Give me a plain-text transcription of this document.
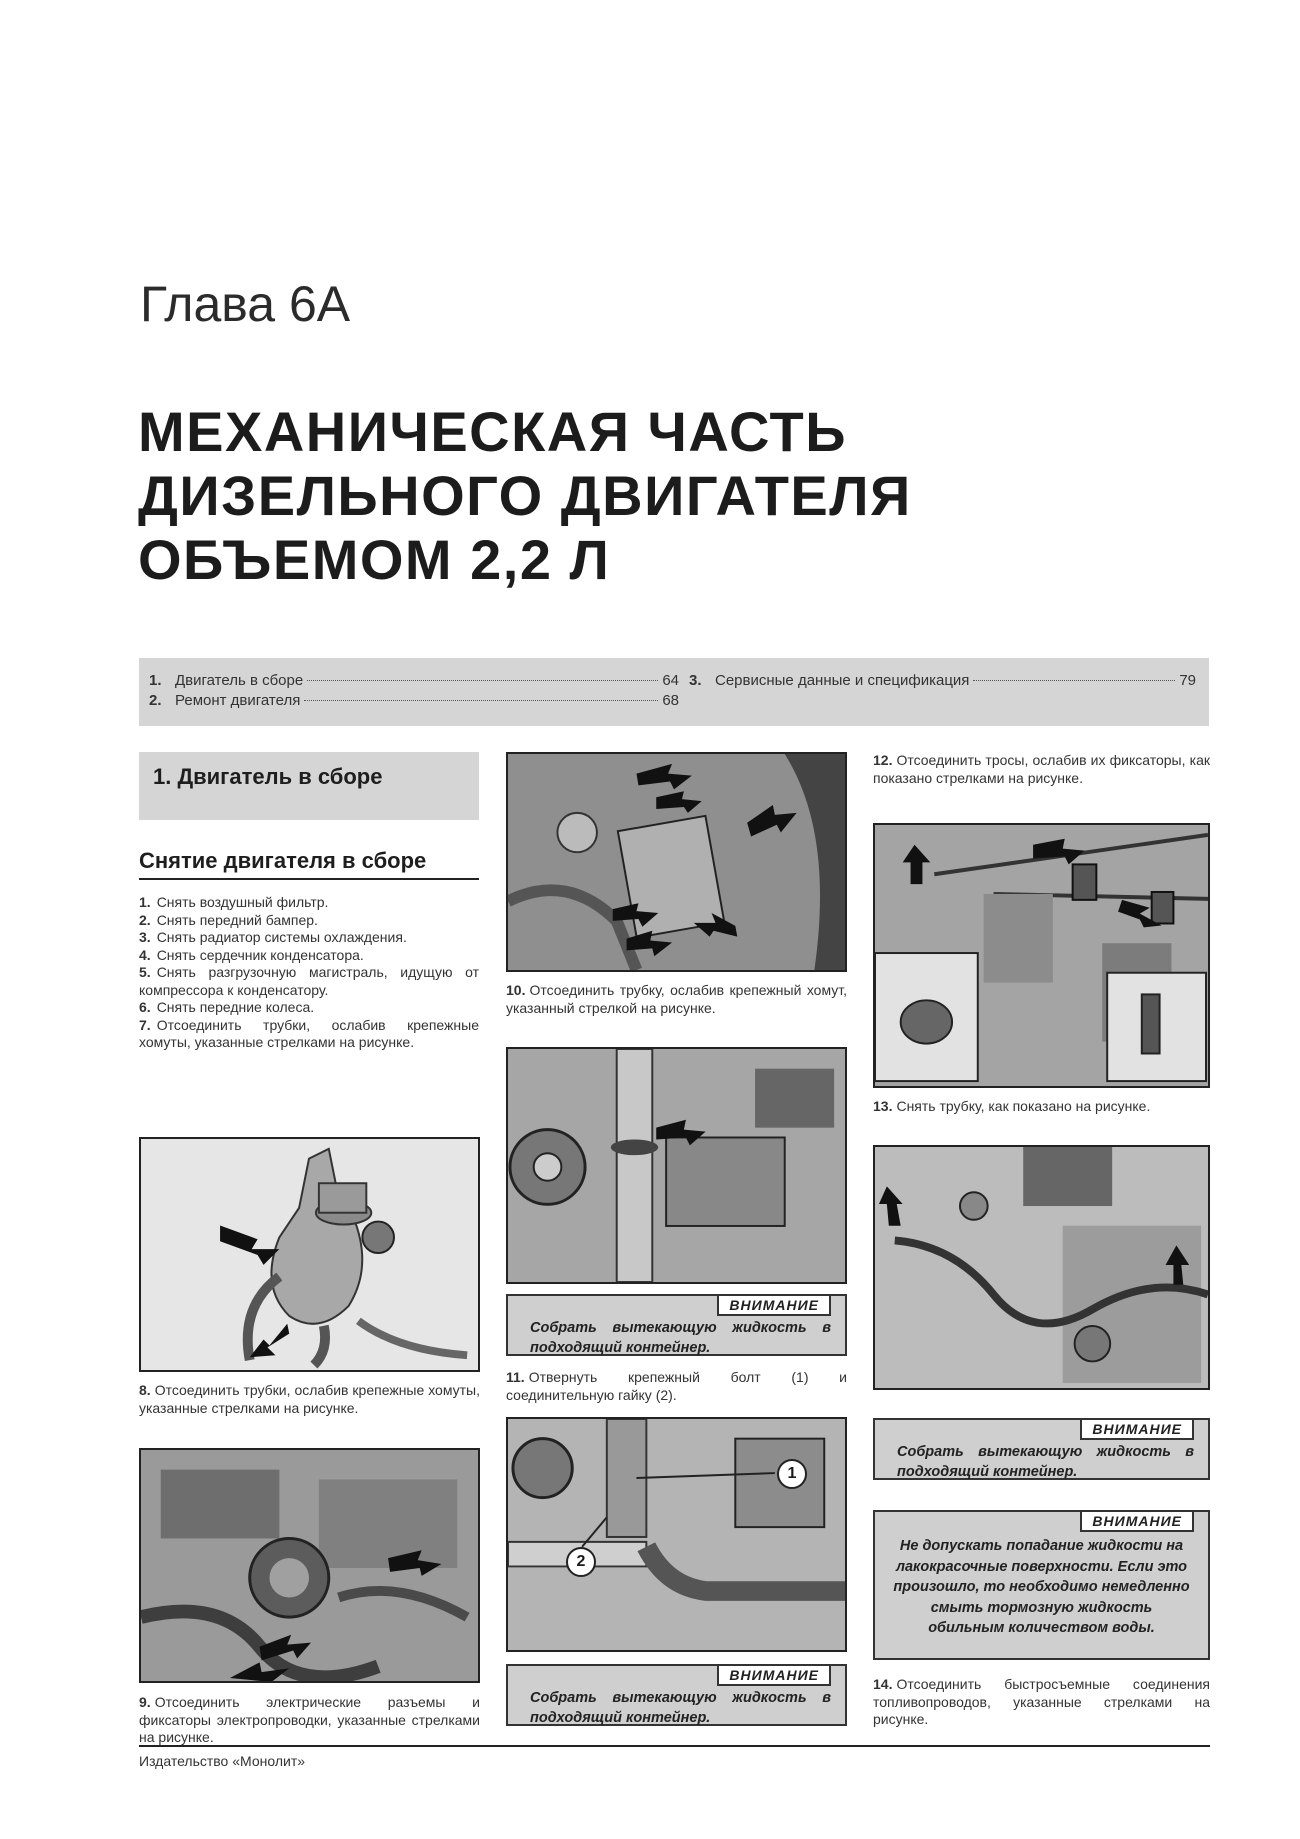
Глава 6А
МЕХАНИЧЕСКАЯ ЧАСТЬ
ДИЗЕЛЬНОГО ДВИГАТЕЛЯ
ОБЪЕМОМ 2,2 Л
1. Двигатель в сборе	64
2. Ремонт двигателя	68
3. Сервисные данные и спецификация	79
1. Двигатель в сборе
Снятие двигателя в сборе
1. Снять воздушный фильтр.
2. Снять передний бампер.
3. Снять радиатор системы охлаждения.
4. Снять сердечник конденсатора.
5. Снять разгрузочную магистраль, идущую от компрессора к конденсатору.
6. Снять передние колеса.
7. Отсоединить трубки, ослабив крепежные хомуты, указанные стрелками на рисунке.
8. Отсоединить трубки, ослабив крепежные хомуты, указанные стрелками на рисунке.
9. Отсоединить электрические разъемы и фиксаторы электропроводки, указанные стрелками на рисунке.
10. Отсоединить трубку, ослабив крепежный хомут, указанный стрелкой на рисунке.
ВНИМАНИЕ
Собрать вытекающую жидкость в подходящий контейнер.
11. Отвернуть крепежный болт (1) и соединительную гайку (2).
1
2
ВНИМАНИЕ
Собрать вытекающую жидкость в подходящий контейнер.
12. Отсоединить тросы, ослабив их фиксаторы, как показано стрелками на рисунке.
13. Снять трубку, как показано на рисунке.
ВНИМАНИЕ
Собрать вытекающую жидкость в подходящий контейнер.
ВНИМАНИЕ
Не допускать попадание жидкости на лакокрасочные поверхности. Если это произошло, то необходимо немедленно смыть тормозную жидкость обильным количеством воды.
14. Отсоединить быстросъемные соединения топливопроводов, указанные стрелками на рисунке.
Издательство «Монолит»
